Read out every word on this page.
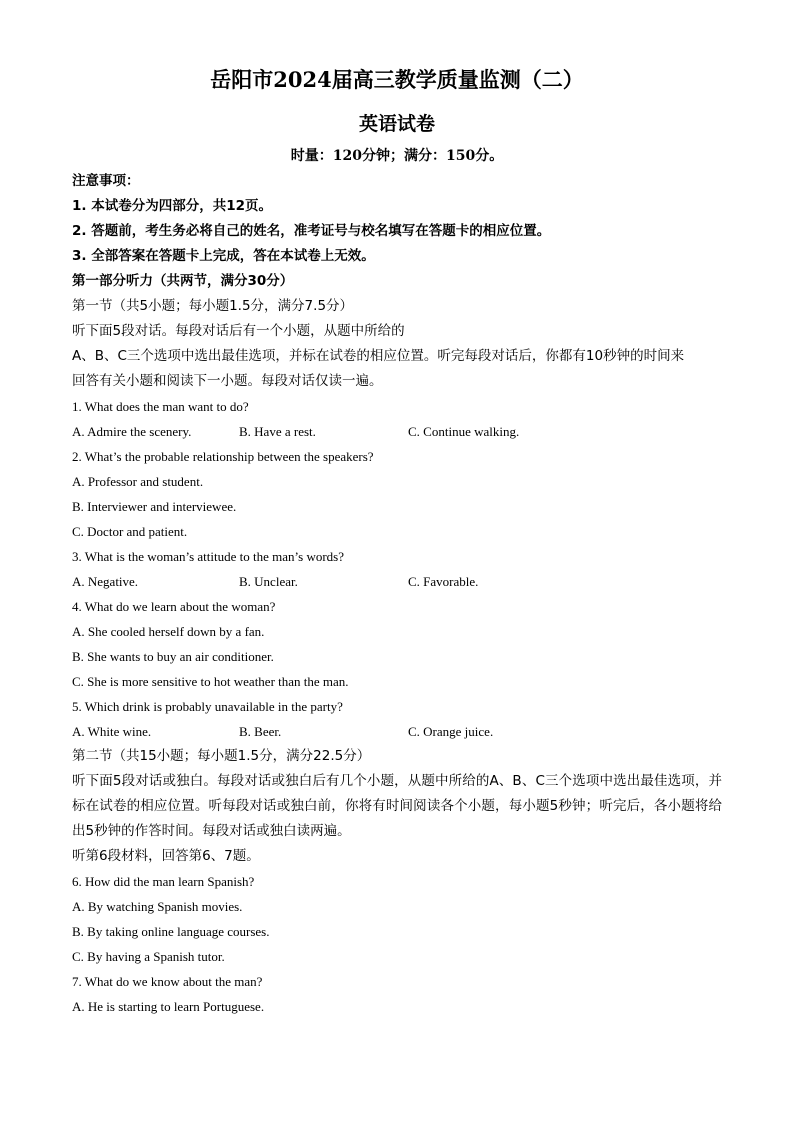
岳阳市2024届高三教学质量监测（二）
英语试卷
时量：120分钟；满分：150分。
注意事项：
1. 本试卷分为四部分，共12页。
2. 答题前，考生务必将自己的姓名，准考证号与校名填写在答题卡的相应位置。
3. 全部答案在答题卡上完成，答在本试卷上无效。
第一部分听力（共两节，满分30分）
第一节（共5小题；每小题1.5分，满分7.5分）
听下面5段对话。每段对话后有一个小题，从题中所给的
A、B、C三个选项中选出最佳选项，并标在试卷的相应位置。听完每段对话后，你都有10秒钟的时间来
回答有关小题和阅读下一小题。每段对话仅读一遍。
1. What does the man want to do?
A. Admire the scenery.	B. Have a rest.	C. Continue walking.
2. What’s the probable relationship between the speakers?
A. Professor and student.
B. Interviewer and interviewee.
C. Doctor and patient.
3. What is the woman’s attitude to the man’s words?
A. Negative.	B. Unclear.	C. Favorable.
4. What do we learn about the woman?
A. She cooled herself down by a fan.
B. She wants to buy an air conditioner.
C. She is more sensitive to hot weather than the man.
5. Which drink is probably unavailable in the party?
A. White wine.	B. Beer.	C. Orange juice.
第二节（共15小题；每小题1.5分，满分22.5分）
听下面5段对话或独白。每段对话或独白后有几个小题，从题中所给的A、B、C三个选项中选出最佳选项，并标在试卷的相应位置。听每段对话或独白前，你将有时间阅读各个小题，每小题5秒钟；听完后，各小题将给出5秒钟的作答时间。每段对话或独白读两遍。
听第6段材料，回答第6、7题。
6. How did the man learn Spanish?
A. By watching Spanish movies.
B. By taking online language courses.
C. By having a Spanish tutor.
7. What do we know about the man?
A. He is starting to learn Portuguese.
